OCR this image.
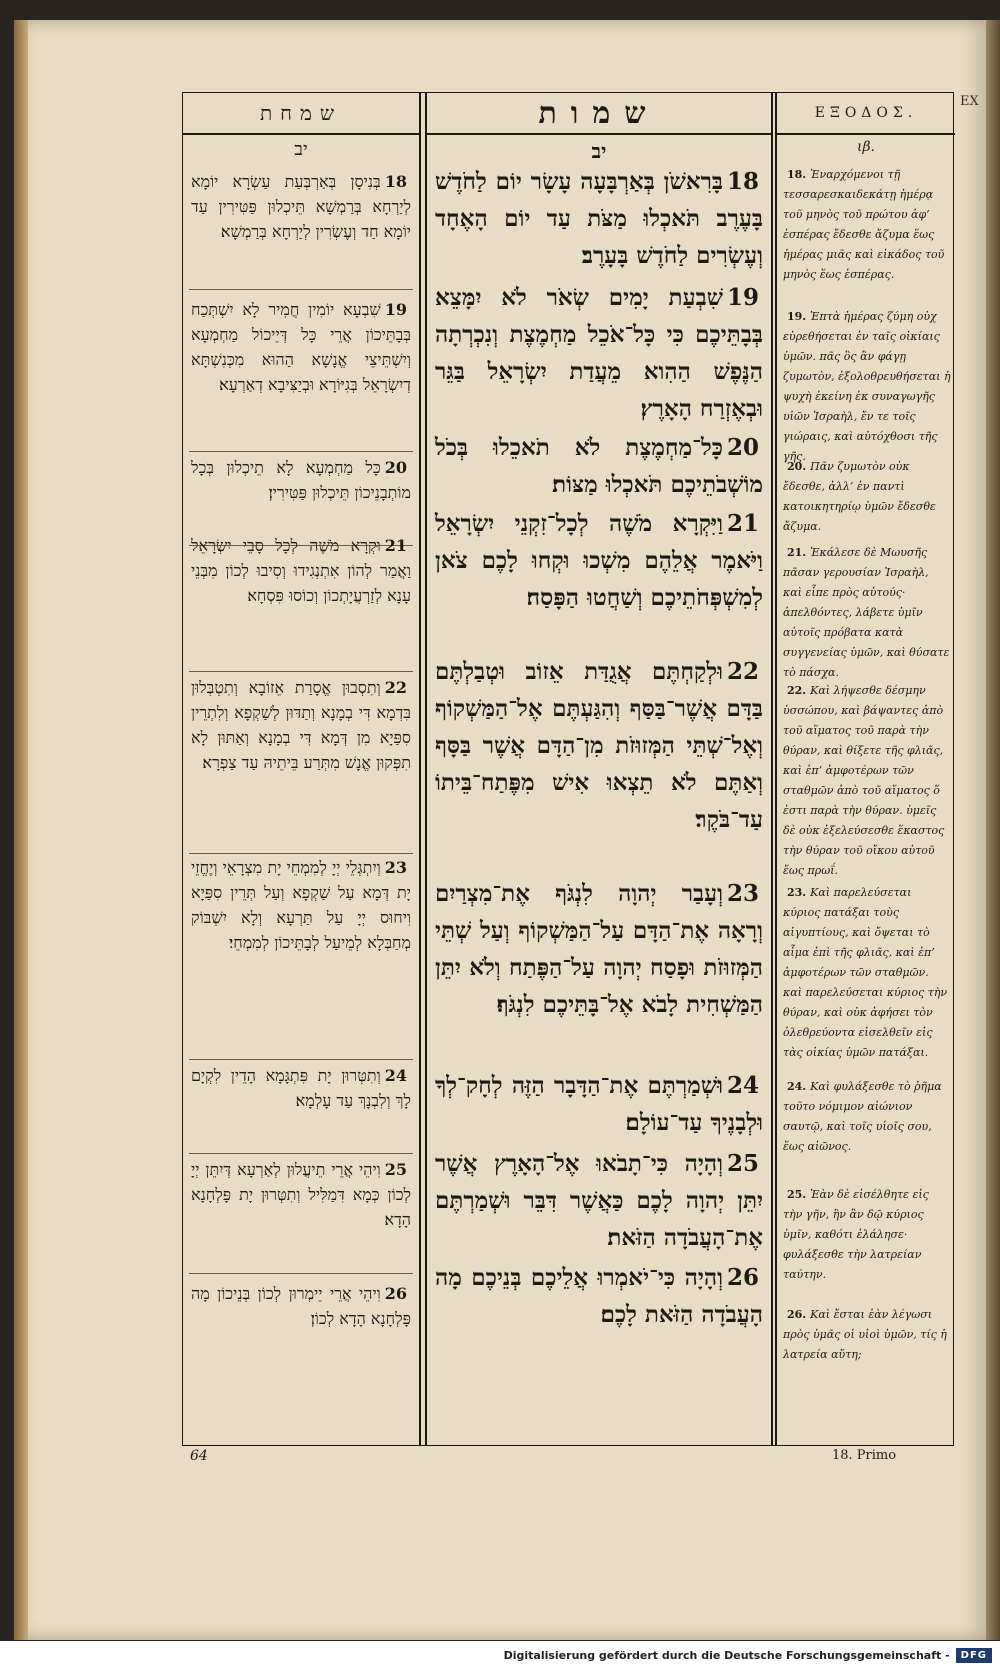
EX
שמחת
יב
18בְּנִיסָן בְּאַרְבְּעַת עַשְׂרָא יוֹמָא לְיַרְחָא בְּרַמְשָׁא תֵּיכְלוּן פַּטִּירִין עַד יוֹמָא חַד וְעֶשְׂרִין לְיַרְחָא בְּרַמְשָׁא׃
19שִׁבְעָא יוֹמִין חֲמִיר לָא יִשְׁתְּכַח בְּבָתֵּיכוֹן אֲרֵי כָּל דְּיֵיכוֹל מַחְמְעָא וְיִשְׁתֵּיצֵי אֱנָשָׁא הַהוּא מִכְּנִשְׁתָּא דְיִשְׂרָאֵל בְּגִיּוֹרָא וּבְיַצִּיבָא דְאַרְעָא׃
20כָּל מַחְמְעָא לָא תֵיכְלוּן בְּכָל מוֹתְבָנֵיכוֹן תֵּיכְלוּן פַּטִּירִין׃
21וּקְרָא מֹשֶׁה לְכָל סָבֵי יִשְׂרָאֵל וַאֲמַר לְהוֹן אִתְנְגִידוּ וְסִיבוּ לְכוֹן מִבְּנֵי עָנָא לְזַרְעֲיָתְכוֹן וְכוֹסוּ פִּסְחָא׃
22וְתִסְבוּן אֱסָרַת אֵזוֹבָא וְתִטְבְּלוּן בִּדְמָא דִּי בְמָנָא וְתַדּוּן לְשַׁקְפָא וְלִתְרֵין סִפַּיָא מִן דְּמָא דִּי בְמָנָא וְאַתּוּן לָא תִפְּקוּן אֱנָשׁ מִתְּרַע בֵּיתֵיהּ עַד צַפְרָא׃
23וְיִתְגְּלֵי יְיָ לְמִמְחֵי יָת מִצְרָאֵי וְיֶחֱזֵי יָת דְּמָא עַל שַׁקְפָא וְעַל תְּרֵין סִפַּיָא וִיחוּס יְיָ עַל תַּרְעָא וְלָא יִשְׁבּוֹק מְחַבְּלָא לְמֵיעַל לְבָתֵּיכוֹן לְמִמְחֵי׃
24וְתִטְּרוּן יָת פִּתְגָּמָא הָדֵין לִקְיָם לָךְ וְלִבְנָךְ עַד עָלְמָא׃
25וִיהֵי אֲרֵי תֵיעֲלוּן לְאַרְעָא דְּיִתֵּן יְיָ לְכוֹן כְּמָא דִּמַלִּיל וְתִטְּרוּן יָת פָּלְחָנָא הָדָא׃
26וִיהֵי אֲרֵי יֵימְרוּן לְכוֹן בְּנֵיכוֹן מָה פָּלְחָנָא הָדָא לְכוֹן׃
שמות
יב
18בָּרִאשֹׁן בְּאַרְבָּעָה עָשָׂר יוֹם לַחֹדֶשׁ בָּעֶרֶב תֹּאכְלוּ מַצֹּת עַד יוֹם הָאֶחָד וְעֶשְׂרִים לַחֹדֶשׁ בָּעָרֶב׃
19שִׁבְעַת יָמִים שְׂאֹר לֹא יִמָּצֵא בְּבָתֵּיכֶם כִּי כָּל־אֹכֵל מַחְמֶצֶת וְנִכְרְתָה הַנֶּפֶשׁ הַהִוא מֵעֲדַת יִשְׂרָאֵל בַּגֵּר וּבְאֶזְרַח הָאָרֶץ׃
20כָּל־מַחְמֶצֶת לֹא תֹאכֵלוּ בְּכֹל מוֹשְׁבֹתֵיכֶם תֹּאכְלוּ מַצּוֹת׃
21וַיִּקְרָא מֹשֶׁה לְכָל־זִקְנֵי יִשְׂרָאֵל וַיֹּאמֶר אֲלֵהֶם מִשְׁכוּ וּקְחוּ לָכֶם צֹאן לְמִשְׁפְּחֹתֵיכֶם וְשַׁחֲטוּ הַפָּסַח׃
22וּלְקַחְתֶּם אֲגֻדַּת אֵזוֹב וּטְבַלְתֶּם בַּדָּם אֲשֶׁר־בַּסַּף וְהִגַּעְתֶּם אֶל־הַמַּשְׁקוֹף וְאֶל־שְׁתֵּי הַמְּזוּזֹת מִן־הַדָּם אֲשֶׁר בַּסָּף וְאַתֶּם לֹא תֵצְאוּ אִישׁ מִפֶּתַח־בֵּיתוֹ עַד־בֹּקֶר׃
23וְעָבַר יְהוָה לִנְגֹּף אֶת־מִצְרַיִם וְרָאָה אֶת־הַדָּם עַל־הַמַּשְׁקוֹף וְעַל שְׁתֵּי הַמְּזוּזֹת וּפָסַח יְהוָה עַל־הַפֶּתַח וְלֹא יִתֵּן הַמַּשְׁחִית לָבֹא אֶל־בָּתֵּיכֶם לִנְגֹּף׃
24וּשְׁמַרְתֶּם אֶת־הַדָּבָר הַזֶּה לְחָק־לְךָ וּלְבָנֶיךָ עַד־עוֹלָם׃
25וְהָיָה כִּי־תָבֹאוּ אֶל־הָאָרֶץ אֲשֶׁר יִתֵּן יְהוָה לָכֶם כַּאֲשֶׁר דִּבֵּר וּשְׁמַרְתֶּם אֶת־הָעֲבֹדָה הַזֹּאת׃
26וְהָיָה כִּי־יֹאמְרוּ אֲלֵיכֶם בְּנֵיכֶם מָה הָעֲבֹדָה הַזֹּאת לָכֶם׃
ΕΞΟΔΟΣ.
ιβ.
18. Ἐναρχόμενοι τῇ τεσσαρεσκαιδεκάτῃ ἡμέρᾳ τοῦ μηνὸς τοῦ πρώτου ἀφ’ ἑσπέρας ἔδεσθε ἄζυμα ἕως ἡμέρας μιᾶς καὶ εἰκάδος τοῦ μηνὸς ἕως ἑσπέρας.
19. Ἑπτὰ ἡμέρας ζύμη οὐχ εὑρεθήσεται ἐν ταῖς οἰκίαις ὑμῶν. πᾶς ὃς ἂν φάγῃ ζυμωτὸν, ἐξολοθρευθήσεται ἡ ψυχὴ ἐκείνη ἐκ συναγωγῆς υἱῶν Ἰσραὴλ, ἔν τε τοῖς γιώραις, καὶ αὐτόχθοσι τῆς γῆς.
20. Πᾶν ζυμωτὸν οὐκ ἔδεσθε, ἀλλ’ ἐν παντὶ κατοικητηρίῳ ὑμῶν ἔδεσθε ἄζυμα.
21. Ἐκάλεσε δὲ Μωυσῆς πᾶσαν γερουσίαν Ἰσραὴλ, καὶ εἶπε πρὸς αὐτούς· ἀπελθόντες, λάβετε ὑμῖν αὐτοῖς πρόβατα κατὰ συγγενείας ὑμῶν, καὶ θύσατε τὸ πάσχα.
22. Καὶ λήψεσθε δέσμην ὑσσώπου, καὶ βάψαντες ἀπὸ τοῦ αἵματος τοῦ παρὰ τὴν θύραν, καὶ θίξετε τῆς φλιᾶς, καὶ ἐπ’ ἀμφοτέρων τῶν σταθμῶν ἀπὸ τοῦ αἵματος ὅ ἐστι παρὰ τὴν θύραν. ὑμεῖς δὲ οὐκ ἐξελεύσεσθε ἕκαστος τὴν θύραν τοῦ οἴκου αὐτοῦ ἕως πρωΐ.
23. Καὶ παρελεύσεται κύριος πατάξαι τοὺς αἰγυπτίους, καὶ ὄψεται τὸ αἷμα ἐπὶ τῆς φλιᾶς, καὶ ἐπ’ ἀμφοτέρων τῶν σταθμῶν. καὶ παρελεύσεται κύριος τὴν θύραν, καὶ οὐκ ἀφήσει τὸν ὀλεθρεύοντα εἰσελθεῖν εἰς τὰς οἰκίας ὑμῶν πατάξαι.
24. Καὶ φυλάξεσθε τὸ ῥῆμα τοῦτο νόμιμον αἰώνιον σαυτῷ, καὶ τοῖς υἱοῖς σου, ἕως αἰῶνος.
25. Ἐὰν δὲ εἰσέλθητε εἰς τὴν γῆν, ἣν ἂν δῷ κύριος ὑμῖν, καθότι ἐλάλησε· φυλάξεσθε τὴν λατρείαν ταύτην.
26. Καὶ ἔσται ἐὰν λέγωσι πρὸς ὑμᾶς οἱ υἱοὶ ὑμῶν, τίς ἡ λατρεία αὕτη;
64	18. Primo
Digitalisierung gefördert durch die Deutsche Forschungsgemeinschaft -	DFG
